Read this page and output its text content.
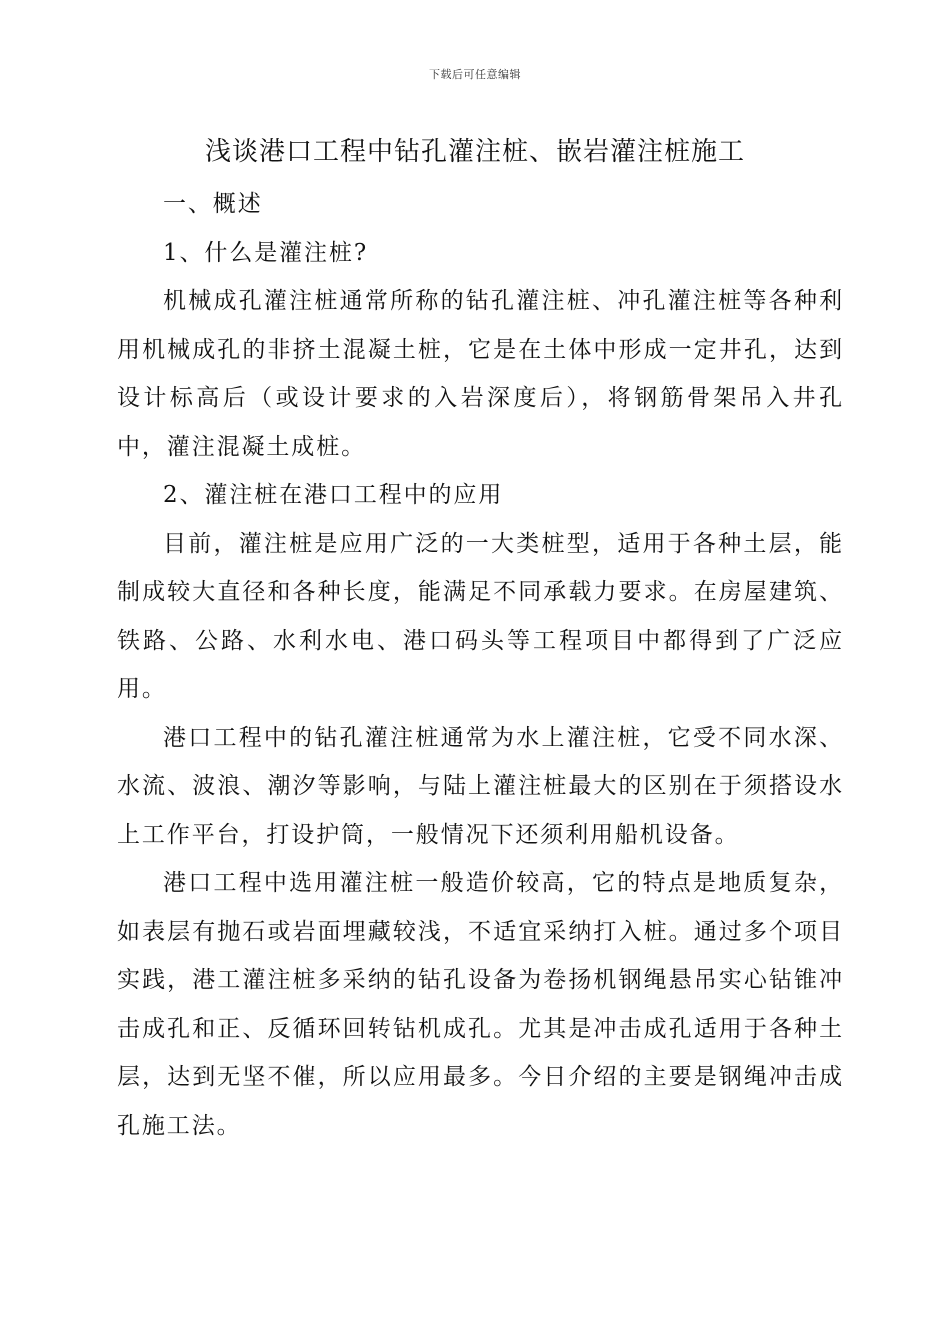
下载后可任意编辑
浅谈港口工程中钻孔灌注桩、嵌岩灌注桩施工

一、概述

1、什么是灌注桩?

机械成孔灌注桩通常所称的钻孔灌注桩、冲孔灌注桩等各种利用机械成孔的非挤土混凝土桩，它是在土体中形成一定井孔，达到设计标高后（或设计要求的入岩深度后），将钢筋骨架吊入井孔中，灌注混凝土成桩。

2、灌注桩在港口工程中的应用

目前，灌注桩是应用广泛的一大类桩型，适用于各种土层，能制成较大直径和各种长度，能满足不同承载力要求。在房屋建筑、铁路、公路、水利水电、港口码头等工程项目中都得到了广泛应用。

港口工程中的钻孔灌注桩通常为水上灌注桩，它受不同水深、水流、波浪、潮汐等影响，与陆上灌注桩最大的区别在于须搭设水上工作平台，打设护筒，一般情况下还须利用船机设备。

港口工程中选用灌注桩一般造价较高，它的特点是地质复杂，如表层有抛石或岩面埋藏较浅，不适宜采纳打入桩。通过多个项目实践，港工灌注桩多采纳的钻孔设备为卷扬机钢绳悬吊实心钻锥冲击成孔和正、反循环回转钻机成孔。尤其是冲击成孔适用于各种土层，达到无坚不催，所以应用最多。今日介绍的主要是钢绳冲击成孔施工法。
